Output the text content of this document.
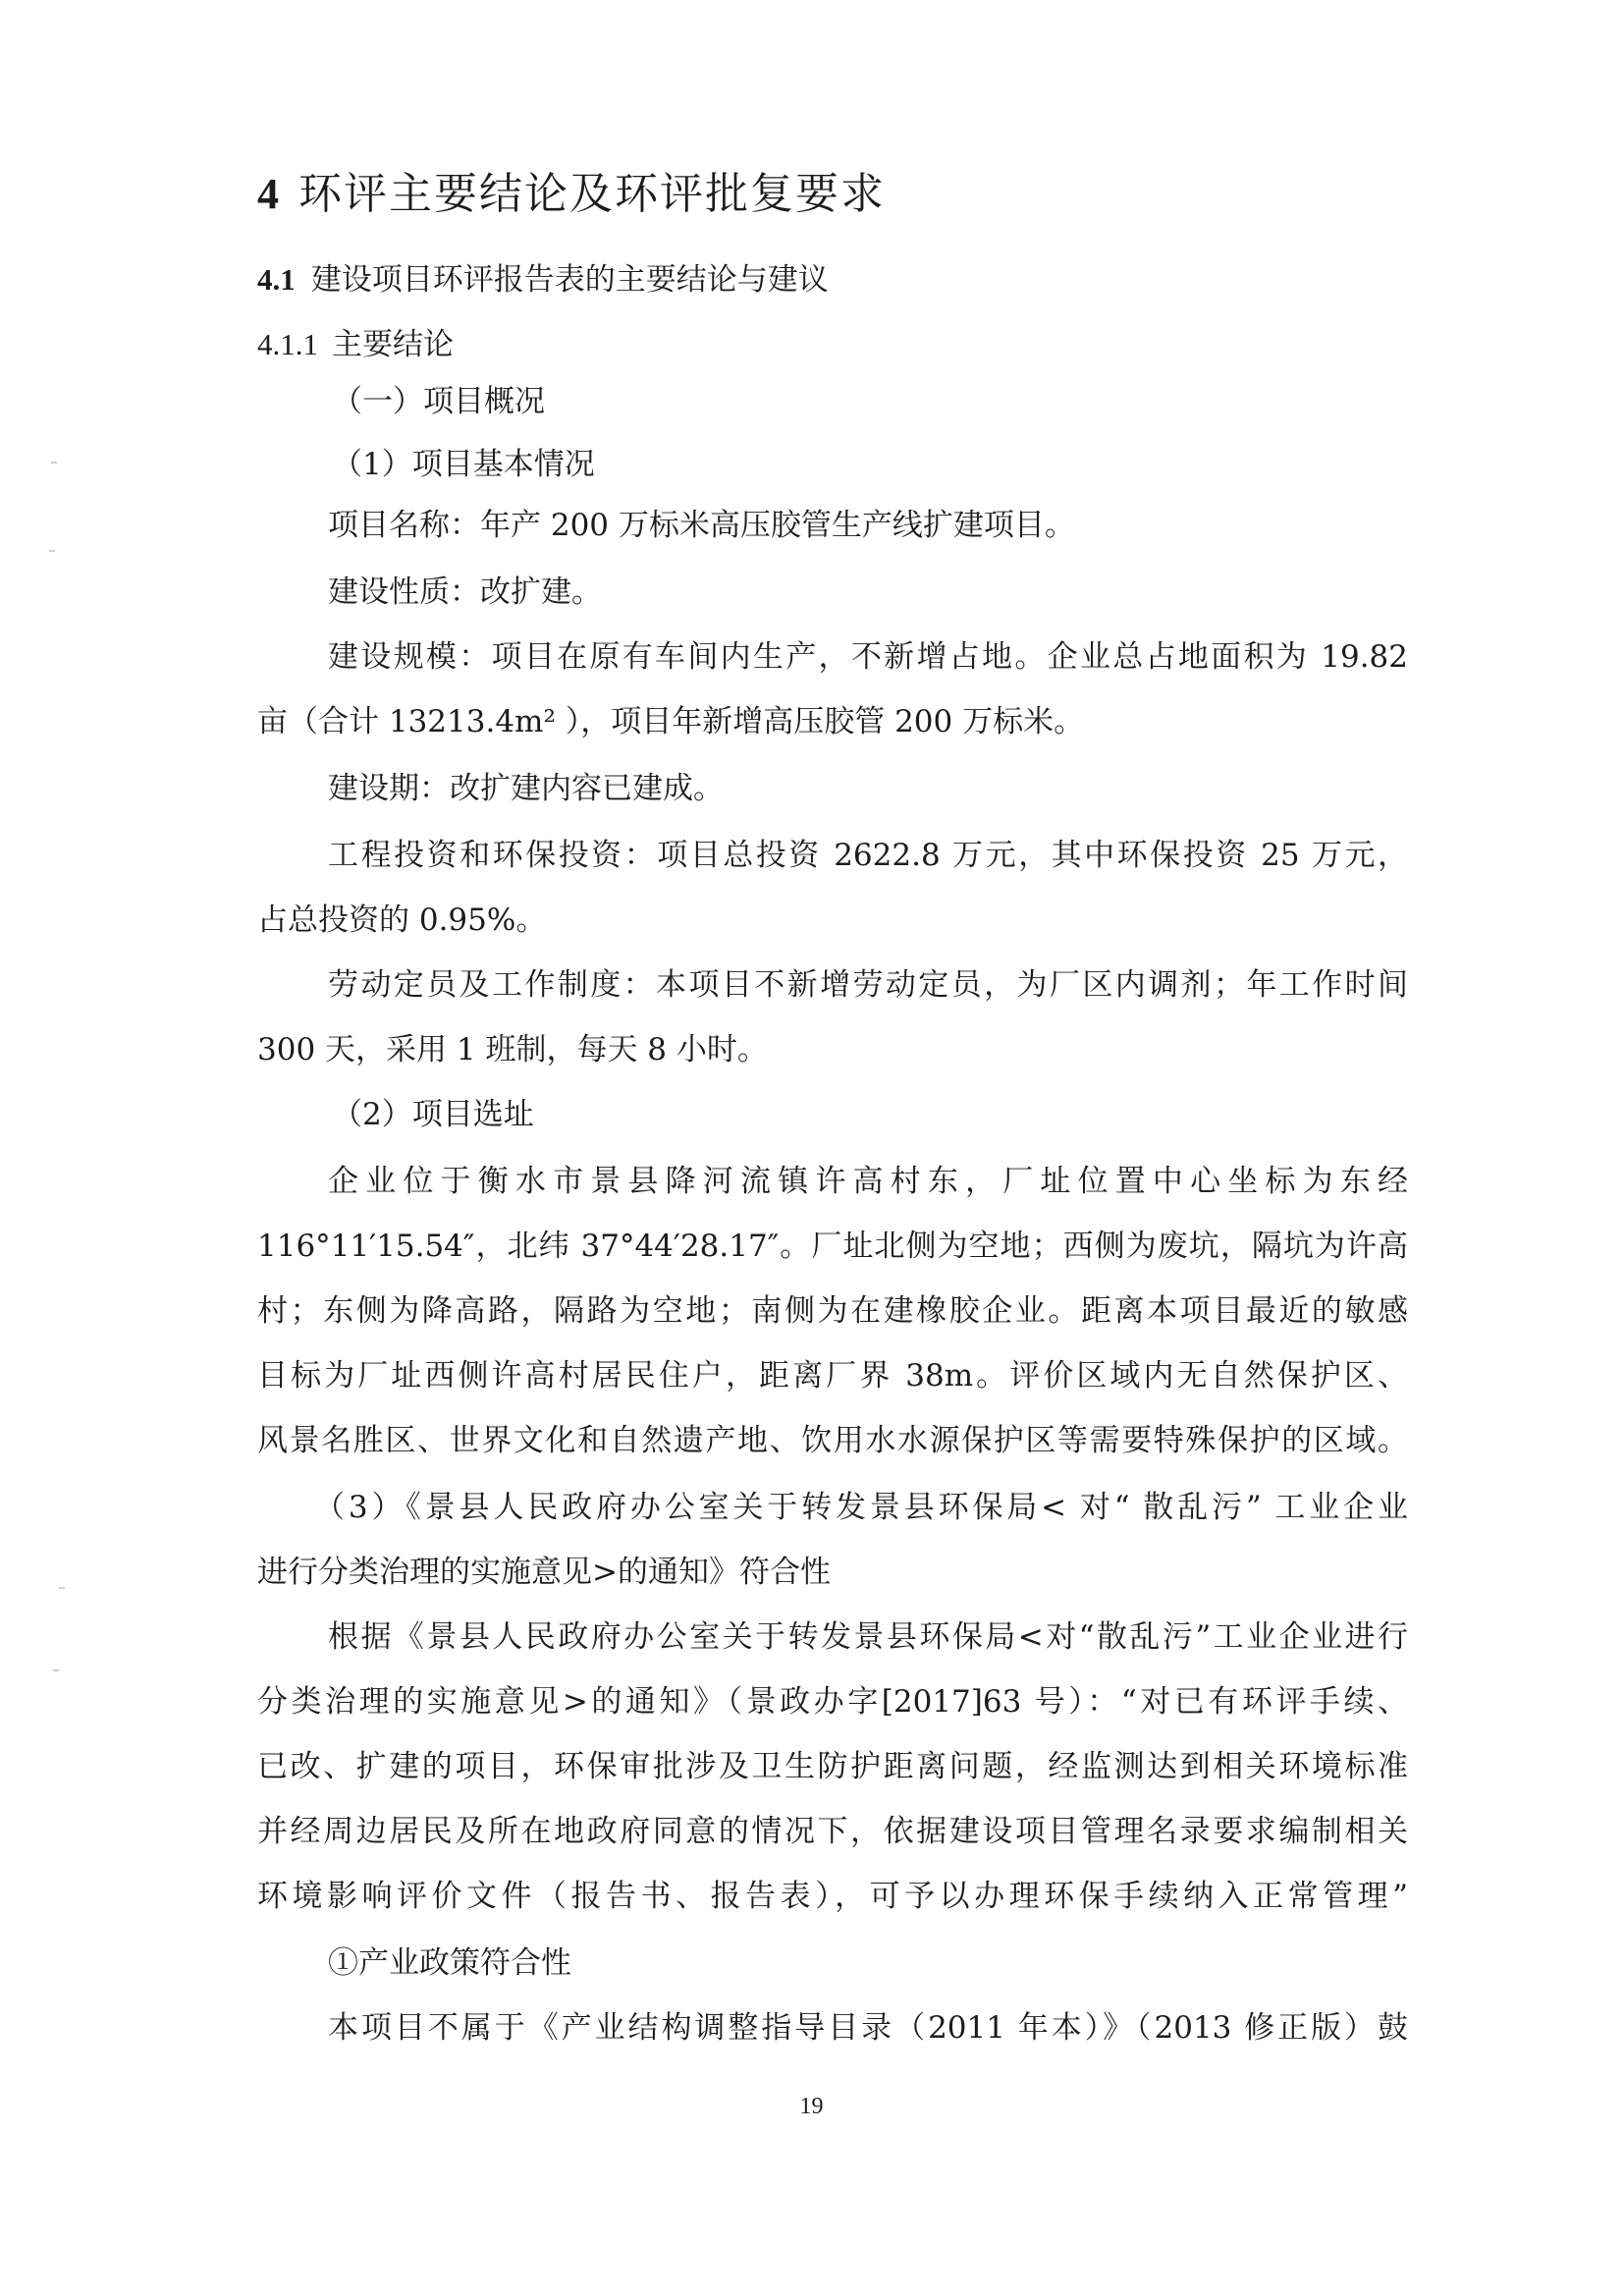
4 环评主要结论及环评批复要求
4.1 建设项目环评报告表的主要结论与建议
4.1.1 主要结论
（一）项目概况
（1）项目基本情况
项目名称：年产 200 万标米高压胶管生产线扩建项目。
建设性质：改扩建。
建设规模：项目在原有车间内生产，不新增占地。企业总占地面积为 19.82
亩（合计 13213.4m² ），项目年新增高压胶管 200 万标米。
建设期：改扩建内容已建成。
工程投资和环保投资：项目总投资 2622.8 万元，其中环保投资 25 万元，
占总投资的 0.95%。
劳动定员及工作制度：本项目不新增劳动定员，为厂区内调剂；年工作时间
300 天，采用 1 班制，每天 8 小时。
（2）项目选址
企业位于衡水市景县降河流镇许高村东，厂址位置中心坐标为东经
116°11′15.54″，北纬 37°44′28.17″。厂址北侧为空地；西侧为废坑，隔坑为许高
村；东侧为降高路，隔路为空地；南侧为在建橡胶企业。距离本项目最近的敏感
目标为厂址西侧许高村居民住户，距离厂界 38m。评价区域内无自然保护区、
风景名胜区、世界文化和自然遗产地、饮用水水源保护区等需要特殊保护的区域。
（3）《景县人民政府办公室关于转发景县环保局< 对“ 散乱污” 工业企业
进行分类治理的实施意见>的通知》符合性
根据《景县人民政府办公室关于转发景县环保局<对“散乱污”工业企业进行
分类治理的实施意见>的通知》（景政办字[2017]63 号）：“对已有环评手续、
已改、扩建的项目，环保审批涉及卫生防护距离问题，经监测达到相关环境标准
并经周边居民及所在地政府同意的情况下，依据建设项目管理名录要求编制相关
环境影响评价文件（报告书、报告表），可予以办理环保手续纳入正常管理”
①产业政策符合性
本项目不属于《产业结构调整指导目录（2011 年本）》（2013 修正版）鼓
19
